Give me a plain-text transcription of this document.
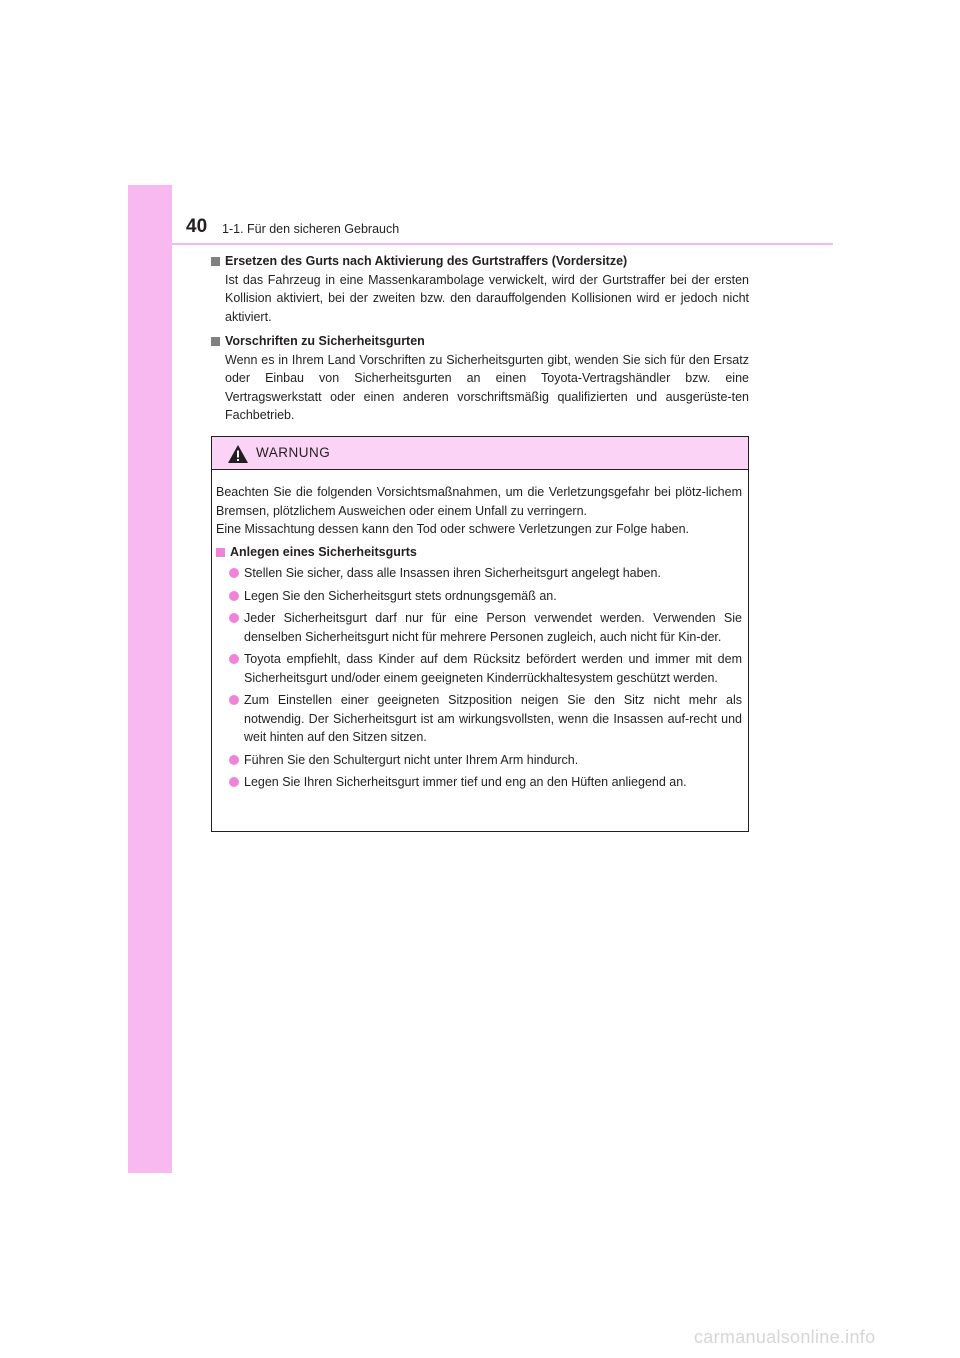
40 1-1. Für den sicheren Gebrauch
Ersetzen des Gurts nach Aktivierung des Gurtstraffers (Vordersitze)
Ist das Fahrzeug in eine Massenkarambolage verwickelt, wird der Gurtstraffer bei der ersten Kollision aktiviert, bei der zweiten bzw. den darauffolgenden Kollisionen wird er jedoch nicht aktiviert.
Vorschriften zu Sicherheitsgurten
Wenn es in Ihrem Land Vorschriften zu Sicherheitsgurten gibt, wenden Sie sich für den Ersatz oder Einbau von Sicherheitsgurten an einen Toyota-Vertragshändler bzw. eine Vertragswerkstatt oder einen anderen vorschriftsmäßig qualifizierten und ausgerüste-ten Fachbetrieb.
WARNUNG

Beachten Sie die folgenden Vorsichtsmaßnahmen, um die Verletzungsgefahr bei plötz-lichem Bremsen, plötzlichem Ausweichen oder einem Unfall zu verringern.

Eine Missachtung dessen kann den Tod oder schwere Verletzungen zur Folge haben.

Anlegen eines Sicherheitsgurts
Stellen Sie sicher, dass alle Insassen ihren Sicherheitsgurt angelegt haben.
Legen Sie den Sicherheitsgurt stets ordnungsgemäß an.
Jeder Sicherheitsgurt darf nur für eine Person verwendet werden. Verwenden Sie denselben Sicherheitsgurt nicht für mehrere Personen zugleich, auch nicht für Kin-der.
Toyota empfiehlt, dass Kinder auf dem Rücksitz befördert werden und immer mit dem Sicherheitsgurt und/oder einem geeigneten Kinderrückhaltesystem geschützt werden.
Zum Einstellen einer geeigneten Sitzposition neigen Sie den Sitz nicht mehr als notwendig. Der Sicherheitsgurt ist am wirkungsvollsten, wenn die Insassen auf-recht und weit hinten auf den Sitzen sitzen.
Führen Sie den Schultergurt nicht unter Ihrem Arm hindurch.
Legen Sie Ihren Sicherheitsgurt immer tief und eng an den Hüften anliegend an.
carmanualsonline.info
